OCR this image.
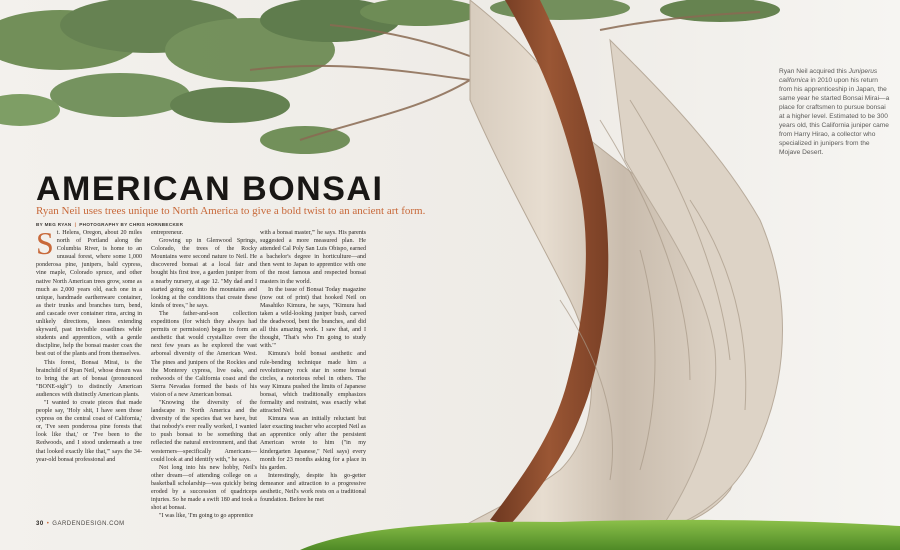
Ryan Neil acquired this Juniperus californica in 2010 upon his return from his apprenticeship in Japan, the same year he started Bonsai Mirai—a place for craftsmen to pursue bonsai at a higher level. Estimated to be 300 years old, this California juniper came from Harry Hirao, a collector who specialized in junipers from the Mojave Desert.
AMERICAN BONSAI

Ryan Neil uses trees unique to North America to give a bold twist to an ancient art form.

BY MEG RYAN | PHOTOGRAPHY BY CHRIS HORNBECKER

St. Helens, Oregon, about 20 miles north of Portland along the Columbia River, is home to an unusual forest, where some 1,000 ponderosa pine, junipers, bald cypress, vine maple, Colorado spruce, and other native North American trees grow, some as much as 2,000 years old, each one in a unique, handmade earthenware container, as their trunks and branches turn, bend, and cascade over container rims, arcing in unlikely directions, knees extending skyward, past invisible coastlines while students and apprentices, with a gentle discipline, help the bonsai master coax the best out of the plants and from themselves.

This forest, Bonsai Mirai, is the brainchild of Ryan Neil, whose dream was to bring the art of bonsai (pronounced "BONE-sigh") to distinctly American audiences with distinctly American plants.

"I wanted to create pieces that made people say, 'Holy shit, I have seen those cypress on the central coast of California,' or, 'I've seen ponderosa pine forests that look like that,' or 'I've been to the Redwoods, and I stood underneath a tree that looked exactly like that,'" says the 34-year-old bonsai professional and

entrepreneur.

Growing up in Glenwood Springs, Colorado, the trees of the Rocky Mountains were second nature to Neil. He discovered bonsai at a local fair and bought his first tree, a garden juniper from a nearby nursery, at age 12. "My dad and I started going out into the mountains and looking at the conditions that create these kinds of trees," he says.

The father-and-son collection expeditions (for which they always had permits or permission) began to form an aesthetic that would crystallize over the next few years as he explored the vast arboreal diversity of the American West. The pines and junipers of the Rockies and the Monterey cypress, live oaks, and redwoods of the California coast and the Sierra Nevadas formed the basis of his vision of a new American bonsai.

"Knowing the diversity of the landscape in North America and the diversity of the species that we have, but that nobody's ever really worked, I wanted to push bonsai to be something that reflected the natural environment, and that westerners—specifically Americans—could look at and identify with," he says.

Not long into his new hobby, Neil's other dream—of attending college on a basketball scholarship—was quickly being eroded by a succession of quadriceps injuries. So he made a swift 180 and took a shot at bonsai.

"I was like, 'I'm going to go apprentice

with a bonsai master,'" he says. His parents suggested a more measured plan. He attended Cal Poly San Luis Obispo, earned a bachelor's degree in horticulture—and then went to Japan to apprentice with one of the most famous and respected bonsai masters in the world.

In the issue of Bonsai Today magazine (now out of print) that hooked Neil on Masahiko Kimura, he says, "Kimura had taken a wild-looking juniper bush, carved the deadwood, bent the branches, and did all this amazing work. I saw that, and I thought, 'That's who I'm going to study with.'"

Kimura's bold bonsai aesthetic and rule-bending technique made him a revolutionary rock star in some bonsai circles, a notorious rebel in others. The way Kimura pushed the limits of Japanese bonsai, which traditionally emphasizes formality and restraint, was exactly what attracted Neil.

Kimura was an initially reluctant but later exacting teacher who accepted Neil as an apprentice only after the persistent American wrote to him ("in my kindergarten Japanese," Neil says) every month for 23 months asking for a place in his garden.

Interestingly, despite his go-getter demeanor and attraction to a progressive aesthetic, Neil's work rests on a traditional foundation. Before he met

30 • GARDENDESIGN.COM
